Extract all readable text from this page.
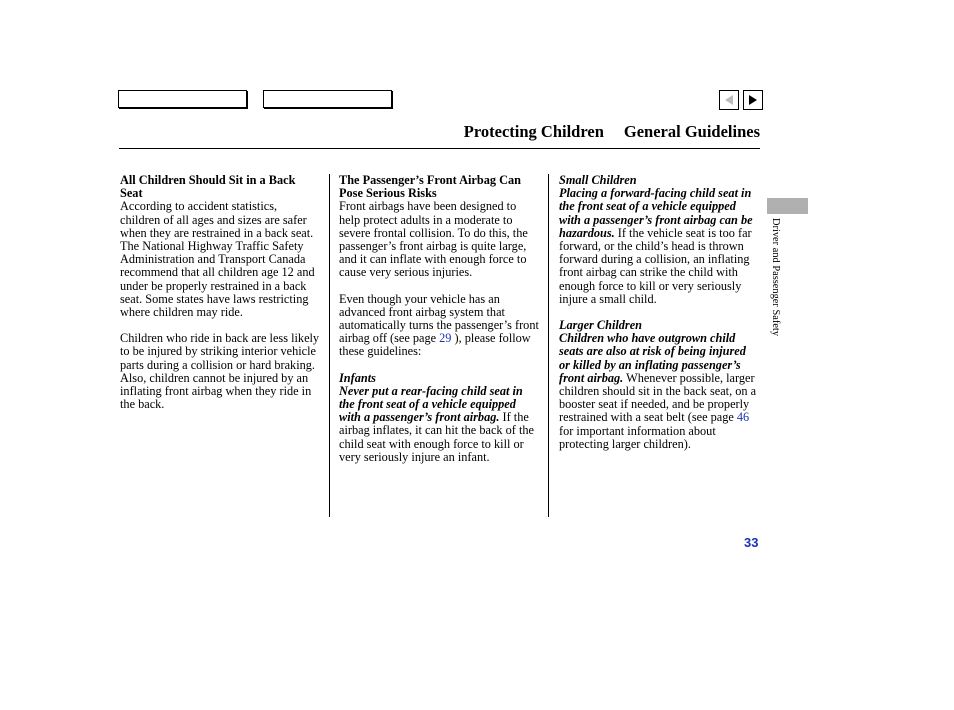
Protecting Children General Guidelines

All Children Should Sit in a Back Seat

According to accident statistics, children of all ages and sizes are safer when they are restrained in a back seat. The National Highway Traffic Safety Administration and Transport Canada recommend that all children age 12 and under be properly restrained in a back seat. Some states have laws restricting where children may ride.

Children who ride in back are less likely to be injured by striking interior vehicle parts during a collision or hard braking. Also, children cannot be injured by an inflating front airbag when they ride in the back.

The Passenger’s Front Airbag Can Pose Serious Risks

Front airbags have been designed to help protect adults in a moderate to severe frontal collision. To do this, the passenger’s front airbag is quite large, and it can inflate with enough force to cause very serious injuries.

Even though your vehicle has an advanced front airbag system that automatically turns the passenger’s front airbag off (see page 29 ), please follow these guidelines:

Infants

Never put a rear-facing child seat in the front seat of a vehicle equipped with a passenger’s front airbag. If the airbag inflates, it can hit the back of the child seat with enough force to kill or very seriously injure an infant.

Small Children

Placing a forward-facing child seat in the front seat of a vehicle equipped with a passenger’s front airbag can be hazardous. If the vehicle seat is too far forward, or the child’s head is thrown forward during a collision, an inflating front airbag can strike the child with enough force to kill or very seriously injure a small child.

Larger Children

Children who have outgrown child seats are also at risk of being injured or killed by an inflating passenger’s front airbag. Whenever possible, larger children should sit in the back seat, on a booster seat if needed, and be properly restrained with a seat belt (see page 46 for important information about protecting larger children).

Driver and Passenger Safety
33
